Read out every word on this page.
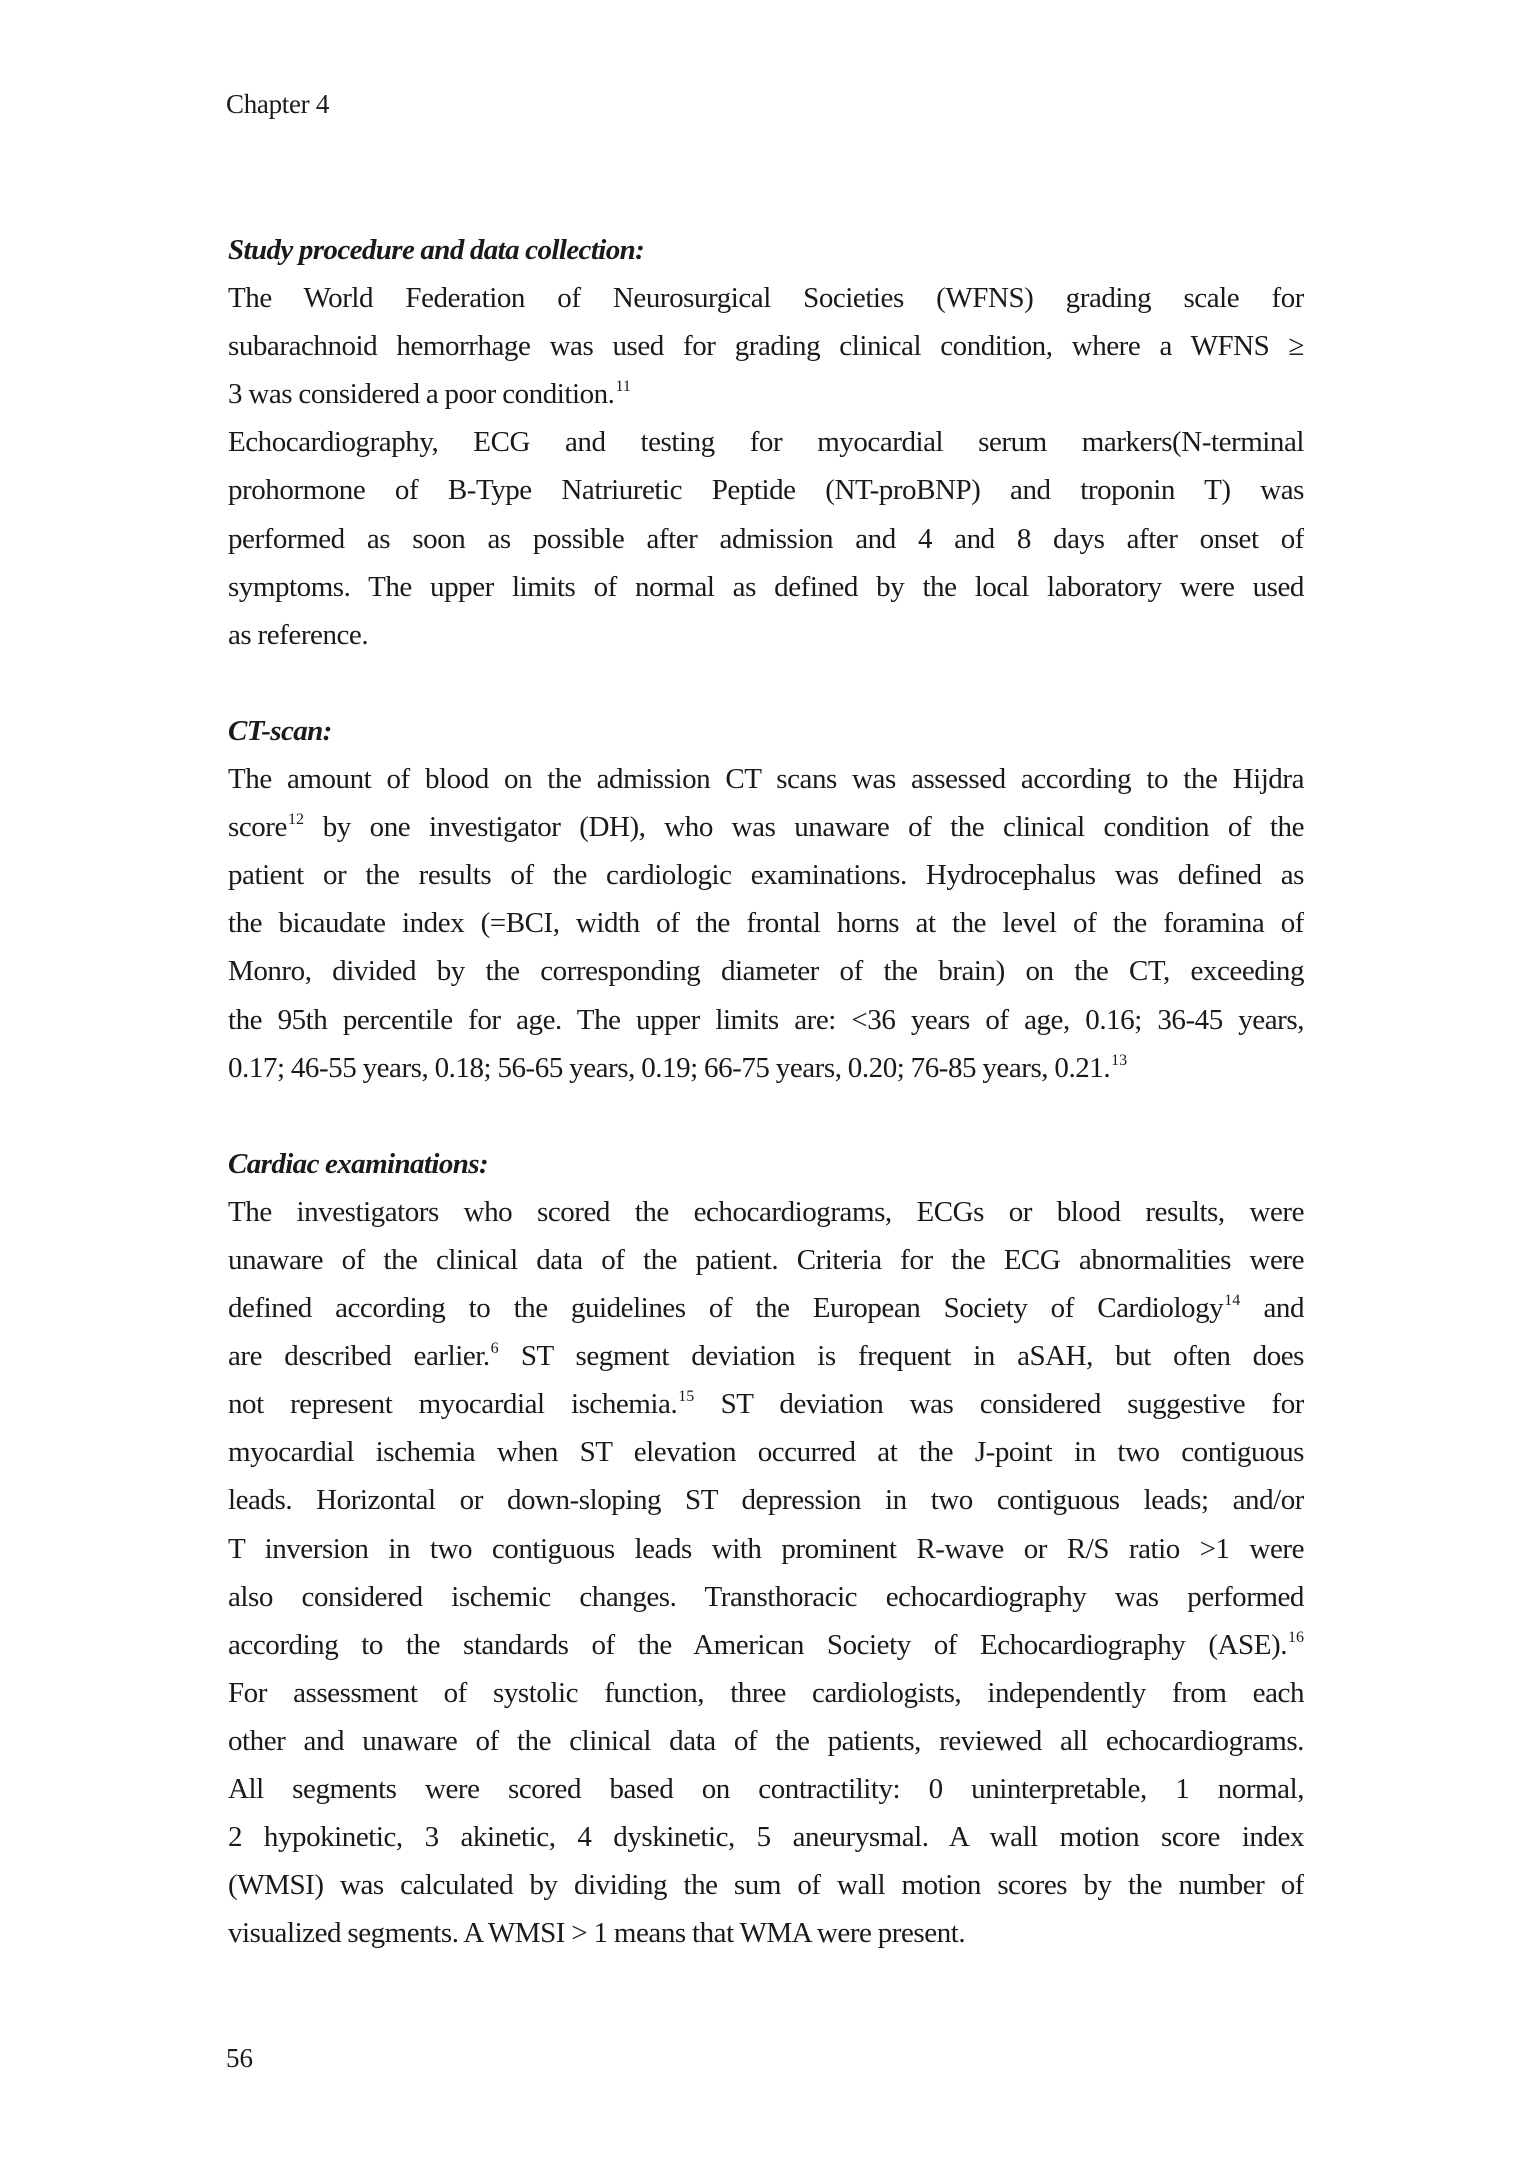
Chapter 4
Study procedure and data collection:
The World Federation of Neurosurgical Societies (WFNS) grading scale for
subarachnoid hemorrhage was used for grading clinical condition, where a WFNS ≥
3 was considered a poor condition.$^{11}$
Echocardiography, ECG and testing for myocardial serum markers(N-terminal
prohormone of B-Type Natriuretic Peptide (NT-proBNP) and troponin T) was
performed as soon as possible after admission and 4 and 8 days after onset of
symptoms. The upper limits of normal as defined by the local laboratory were used
as reference.
CT-scan:
The amount of blood on the admission CT scans was assessed according to the Hijdra
score$^{12}$ by one investigator (DH), who was unaware of the clinical condition of the
patient or the results of the cardiologic examinations. Hydrocephalus was defined as
the bicaudate index (=BCI, width of the frontal horns at the level of the foramina of
Monro, divided by the corresponding diameter of the brain) on the CT, exceeding
the 95th percentile for age. The upper limits are: <36 years of age, 0.16; 36-45 years,
0.17; 46-55 years, 0.18; 56-65 years, 0.19; 66-75 years, 0.20; 76-85 years, 0.21.13
Cardiac examinations:
The investigators who scored the echocardiograms, ECGs or blood results, were
unaware of the clinical data of the patient. Criteria for the ECG abnormalities were
defined according to the guidelines of the European Society of Cardiology$^{14}$ and
are described earlier.$^6$ ST segment deviation is frequent in aSAH, but often does
not represent myocardial ischemia.$^{15}$ ST deviation was considered suggestive for
myocardial ischemia when ST elevation occurred at the J-point in two contiguous
leads. Horizontal or down-sloping ST depression in two contiguous leads; and/or
T inversion in two contiguous leads with prominent R-wave or R/S ratio >1 were
also considered ischemic changes. Transthoracic echocardiography was performed
according to the standards of the American Society of Echocardiography (ASE).$^{16}$
For assessment of systolic function, three cardiologists, independently from each
other and unaware of the clinical data of the patients, reviewed all echocardiograms.
All segments were scored based on contractility: 0 uninterpretable, 1 normal,
2 hypokinetic, 3 akinetic, 4 dyskinetic, 5 aneurysmal. A wall motion score index
(WMSI) was calculated by dividing the sum of wall motion scores by the number of
visualized segments. A WMSI > 1 means that WMA were present.
56
